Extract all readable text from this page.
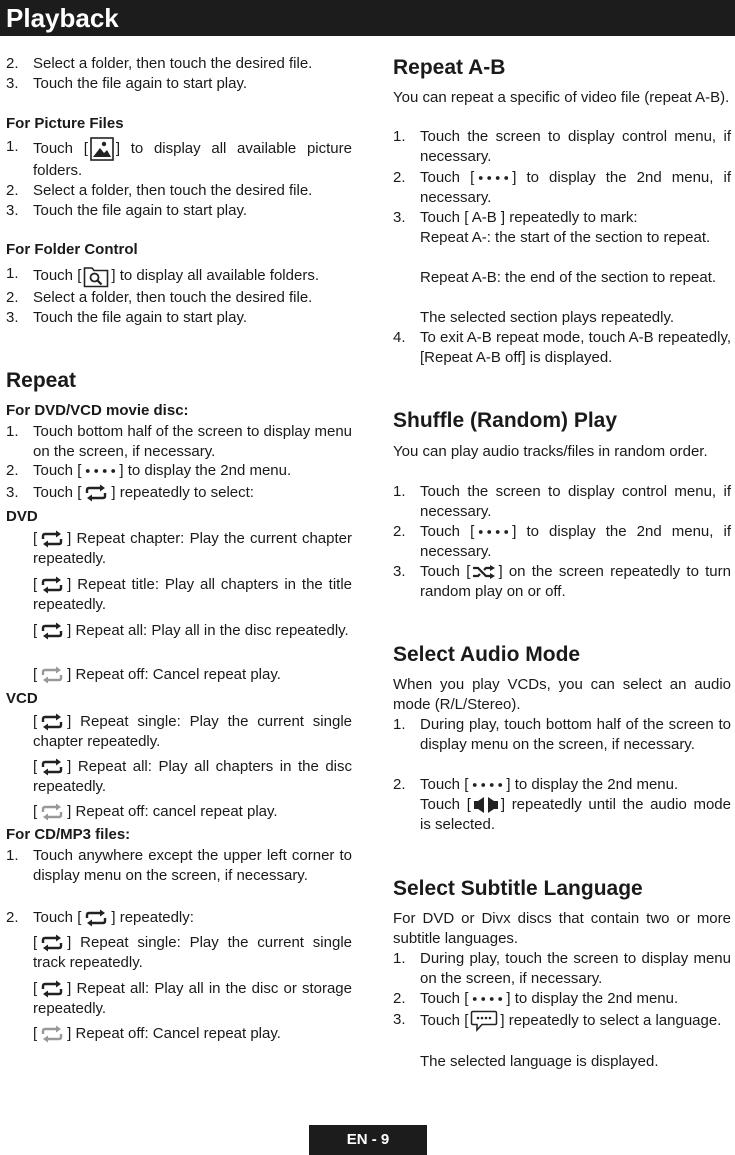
Playback
2. Select a folder, then touch the desired file.
3. Touch the file again to start play.
For Picture Files
1. Touch [ ] to display all available picture folders.
2. Select a folder, then touch the desired file.
3. Touch the file again to start play.
For Folder Control
1. Touch [ ] to display all available folders.
2. Select a folder, then touch the desired file.
3. Touch the file again to start play.
Repeat
For DVD/VCD movie disc:
1. Touch bottom half of the screen to display menu on the screen, if necessary.
2. Touch [	] to display the 2nd menu.
3. Touch [ ] repeatedly to select:
DVD
[ ] Repeat chapter: Play the current chapter repeatedly.
[ ] Repeat title: Play all chapters in the title repeatedly.
[ ] Repeat all: Play all in the disc repeatedly.
[ ] Repeat off: Cancel repeat play.
VCD
[ ] Repeat single: Play the current single chapter repeatedly.
[ ] Repeat all: Play all chapters in the disc repeatedly.
[ ] Repeat off: cancel repeat play.
For CD/MP3 files:
1. Touch anywhere except the upper left corner to display menu on the screen, if necessary.
2. Touch [ ] repeatedly:
[ ] Repeat single: Play the current single track repeatedly.
[ ] Repeat all: Play all in the disc or storage repeatedly.
[ ] Repeat off: Cancel repeat play.
Repeat A-B
You can repeat a specific of video file (repeat A-B).
1. Touch the screen to display control menu, if necessary.
2. Touch [	] to display the 2nd menu, if necessary.
3. Touch [ A-B ] repeatedly to mark:
Repeat A-: the start of the section to repeat.
Repeat A-B: the end of the section to repeat.
The selected section plays repeatedly.
4. To exit A-B repeat mode, touch A-B repeatedly, [Repeat A-B off] is displayed.
Shuffle (Random) Play
You can play audio tracks/files in random order.
1. Touch the screen to display control menu, if necessary.
2. Touch [	] to display the 2nd menu, if necessary.
3. Touch [ ] on the screen repeatedly to turn random play on or off.
Select Audio Mode
When you play VCDs, you can select an audio mode (R/L/Stereo).
1. During play, touch bottom half of the screen to display menu on the screen, if necessary.
2. Touch [	] to display the 2nd menu.
Touch [ ] repeatedly until the audio mode is selected.
Select Subtitle Language
For DVD or Divx discs that contain two or more subtitle languages.
1. During play, touch the screen to display menu on the screen, if necessary.
2. Touch [	] to display the 2nd menu.
3. Touch [ ] repeatedly to select a language.
The selected language is displayed.
EN - 9
